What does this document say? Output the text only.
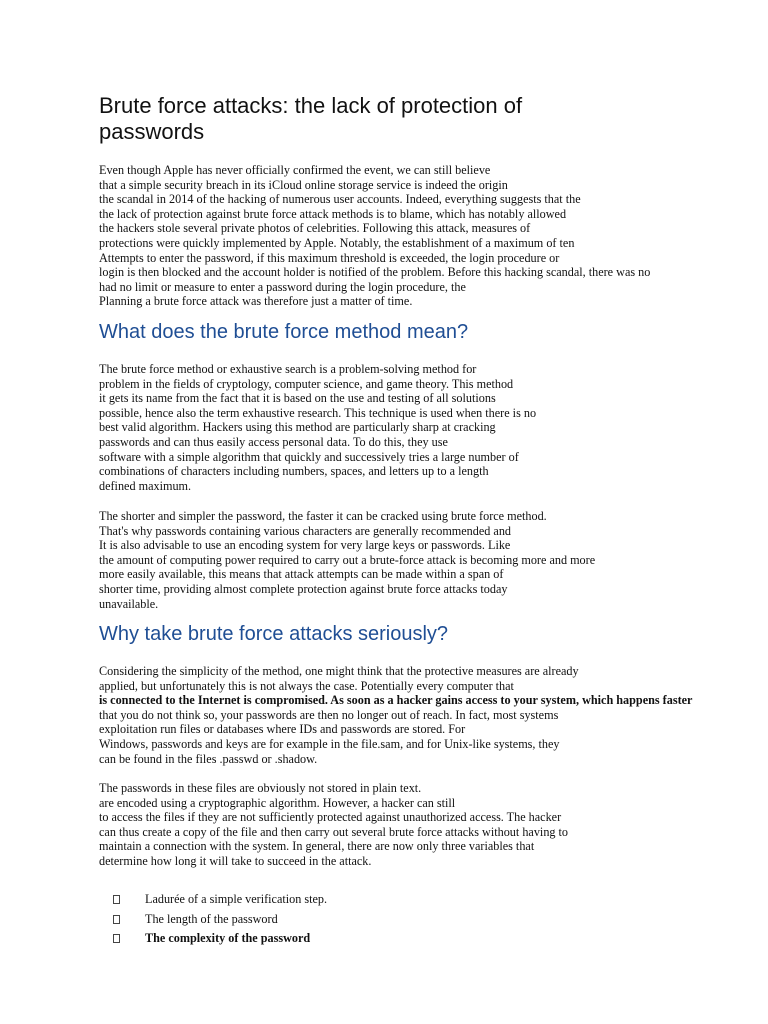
Brute force attacks: the lack of protection of passwords
Even though Apple has never officially confirmed the event, we can still believe
that a simple security breach in its iCloud online storage service is indeed the origin
the scandal in 2014 of the hacking of numerous user accounts. Indeed, everything suggests that the
the lack of protection against brute force attack methods is to blame, which has notably allowed
the hackers stole several private photos of celebrities. Following this attack, measures of
protections were quickly implemented by Apple. Notably, the establishment of a maximum of ten
Attempts to enter the password, if this maximum threshold is exceeded, the login procedure or
login is then blocked and the account holder is notified of the problem. Before this hacking scandal, there was no
had no limit or measure to enter a password during the login procedure, the
Planning a brute force attack was therefore just a matter of time.
What does the brute force method mean?
The brute force method or exhaustive search is a problem-solving method for
problem in the fields of cryptology, computer science, and game theory. This method
it gets its name from the fact that it is based on the use and testing of all solutions
possible, hence also the term exhaustive research. This technique is used when there is no
best valid algorithm. Hackers using this method are particularly sharp at cracking
passwords and can thus easily access personal data. To do this, they use
software with a simple algorithm that quickly and successively tries a large number of
combinations of characters including numbers, spaces, and letters up to a length
defined maximum.
The shorter and simpler the password, the faster it can be cracked using brute force method.
That's why passwords containing various characters are generally recommended and
It is also advisable to use an encoding system for very large keys or passwords. Like
the amount of computing power required to carry out a brute-force attack is becoming more and more
more easily available, this means that attack attempts can be made within a span of
shorter time, providing almost complete protection against brute force attacks today
unavailable.
Why take brute force attacks seriously?
Considering the simplicity of the method, one might think that the protective measures are already
applied, but unfortunately this is not always the case. Potentially every computer that
is connected to the Internet is compromised. As soon as a hacker gains access to your system, which happens faster
that you do not think so, your passwords are then no longer out of reach. In fact, most systems
exploitation run files or databases where IDs and passwords are stored. For
Windows, passwords and keys are for example in the file.sam, and for Unix-like systems, they
can be found in the files .passwd or .shadow.
The passwords in these files are obviously not stored in plain text.
are encoded using a cryptographic algorithm. However, a hacker can still
to access the files if they are not sufficiently protected against unauthorized access. The hacker
can thus create a copy of the file and then carry out several brute force attacks without having to
maintain a connection with the system. In general, there are now only three variables that
determine how long it will take to succeed in the attack.
Ladurée of a simple verification step.
The length of the password
The complexity of the password
